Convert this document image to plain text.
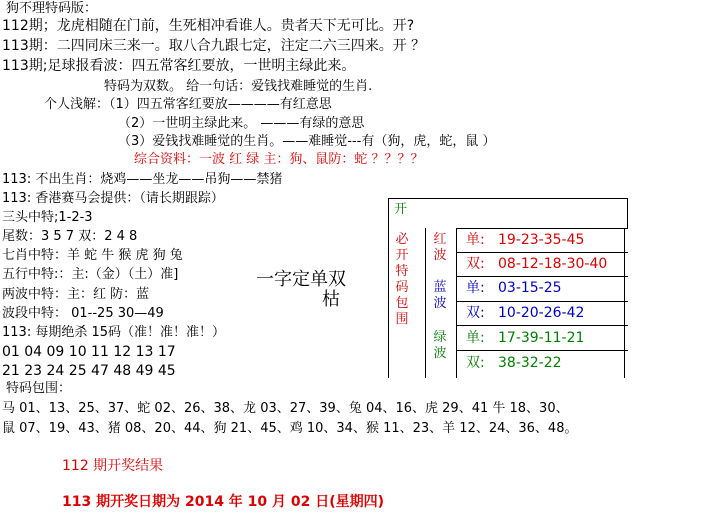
狗不理特码版：
112期；龙虎相随在门前，生死相冲看谁人。贵者天下无可比。开?
113期：二四同床三来一。取八合九跟七定，注定二六三四来。开 ？
113期;足球报看波：四五常客红要放，一世明主绿此来。
特码为双数。 给一句话：爱钱找难睡觉的生肖.
个人浅解：（1）四五常客红要放————有红意思
（2）一世明主绿此来。 ———有绿的意思
（3）爱钱找难睡觉的生肖。——难睡觉---有（狗，虎，蛇，鼠 ）
综合资料：一波 红 绿 主：狗、鼠防：蛇 ？？？？
113: 不出生肖：烧鸡——坐龙——吊狗——禁猪
113: 香港赛马会提供：（请长期跟踪）
三头中特;1-2-3
尾数：3 5 7 双：2 4 8
七肖中特：羊 蛇 牛 猴 虎 狗 兔
五行中特:：主:（金）（土）准]
两波中特：主：红 防：蓝
波段中特： 01--25 30—49
113: 每期绝杀 15码（准！准！准！）
01 04 09 10 11 12 13 17
21 23 24 25 47 48 49 45
特码包围：
马 01、13、25、37、蛇 02、26、38、龙 03、27、39、兔 04、16、虎 29、41 牛 18、30、
鼠 07、19、43、猪 08、20、44、狗 21、45、鸡 10、34、猴 11、23、羊 12、24、36、48。
112 期开奖结果
113 期开奖日期为 2014 年 10 月 02 日(星期四)
一字定单双
枯
开
必开特码包围
红波
蓝波
绿波
单: 19-23-35-45
双: 08-12-18-30-40
单: 03-15-25
双: 10-20-26-42
单: 17-39-11-21
双: 38-32-22
